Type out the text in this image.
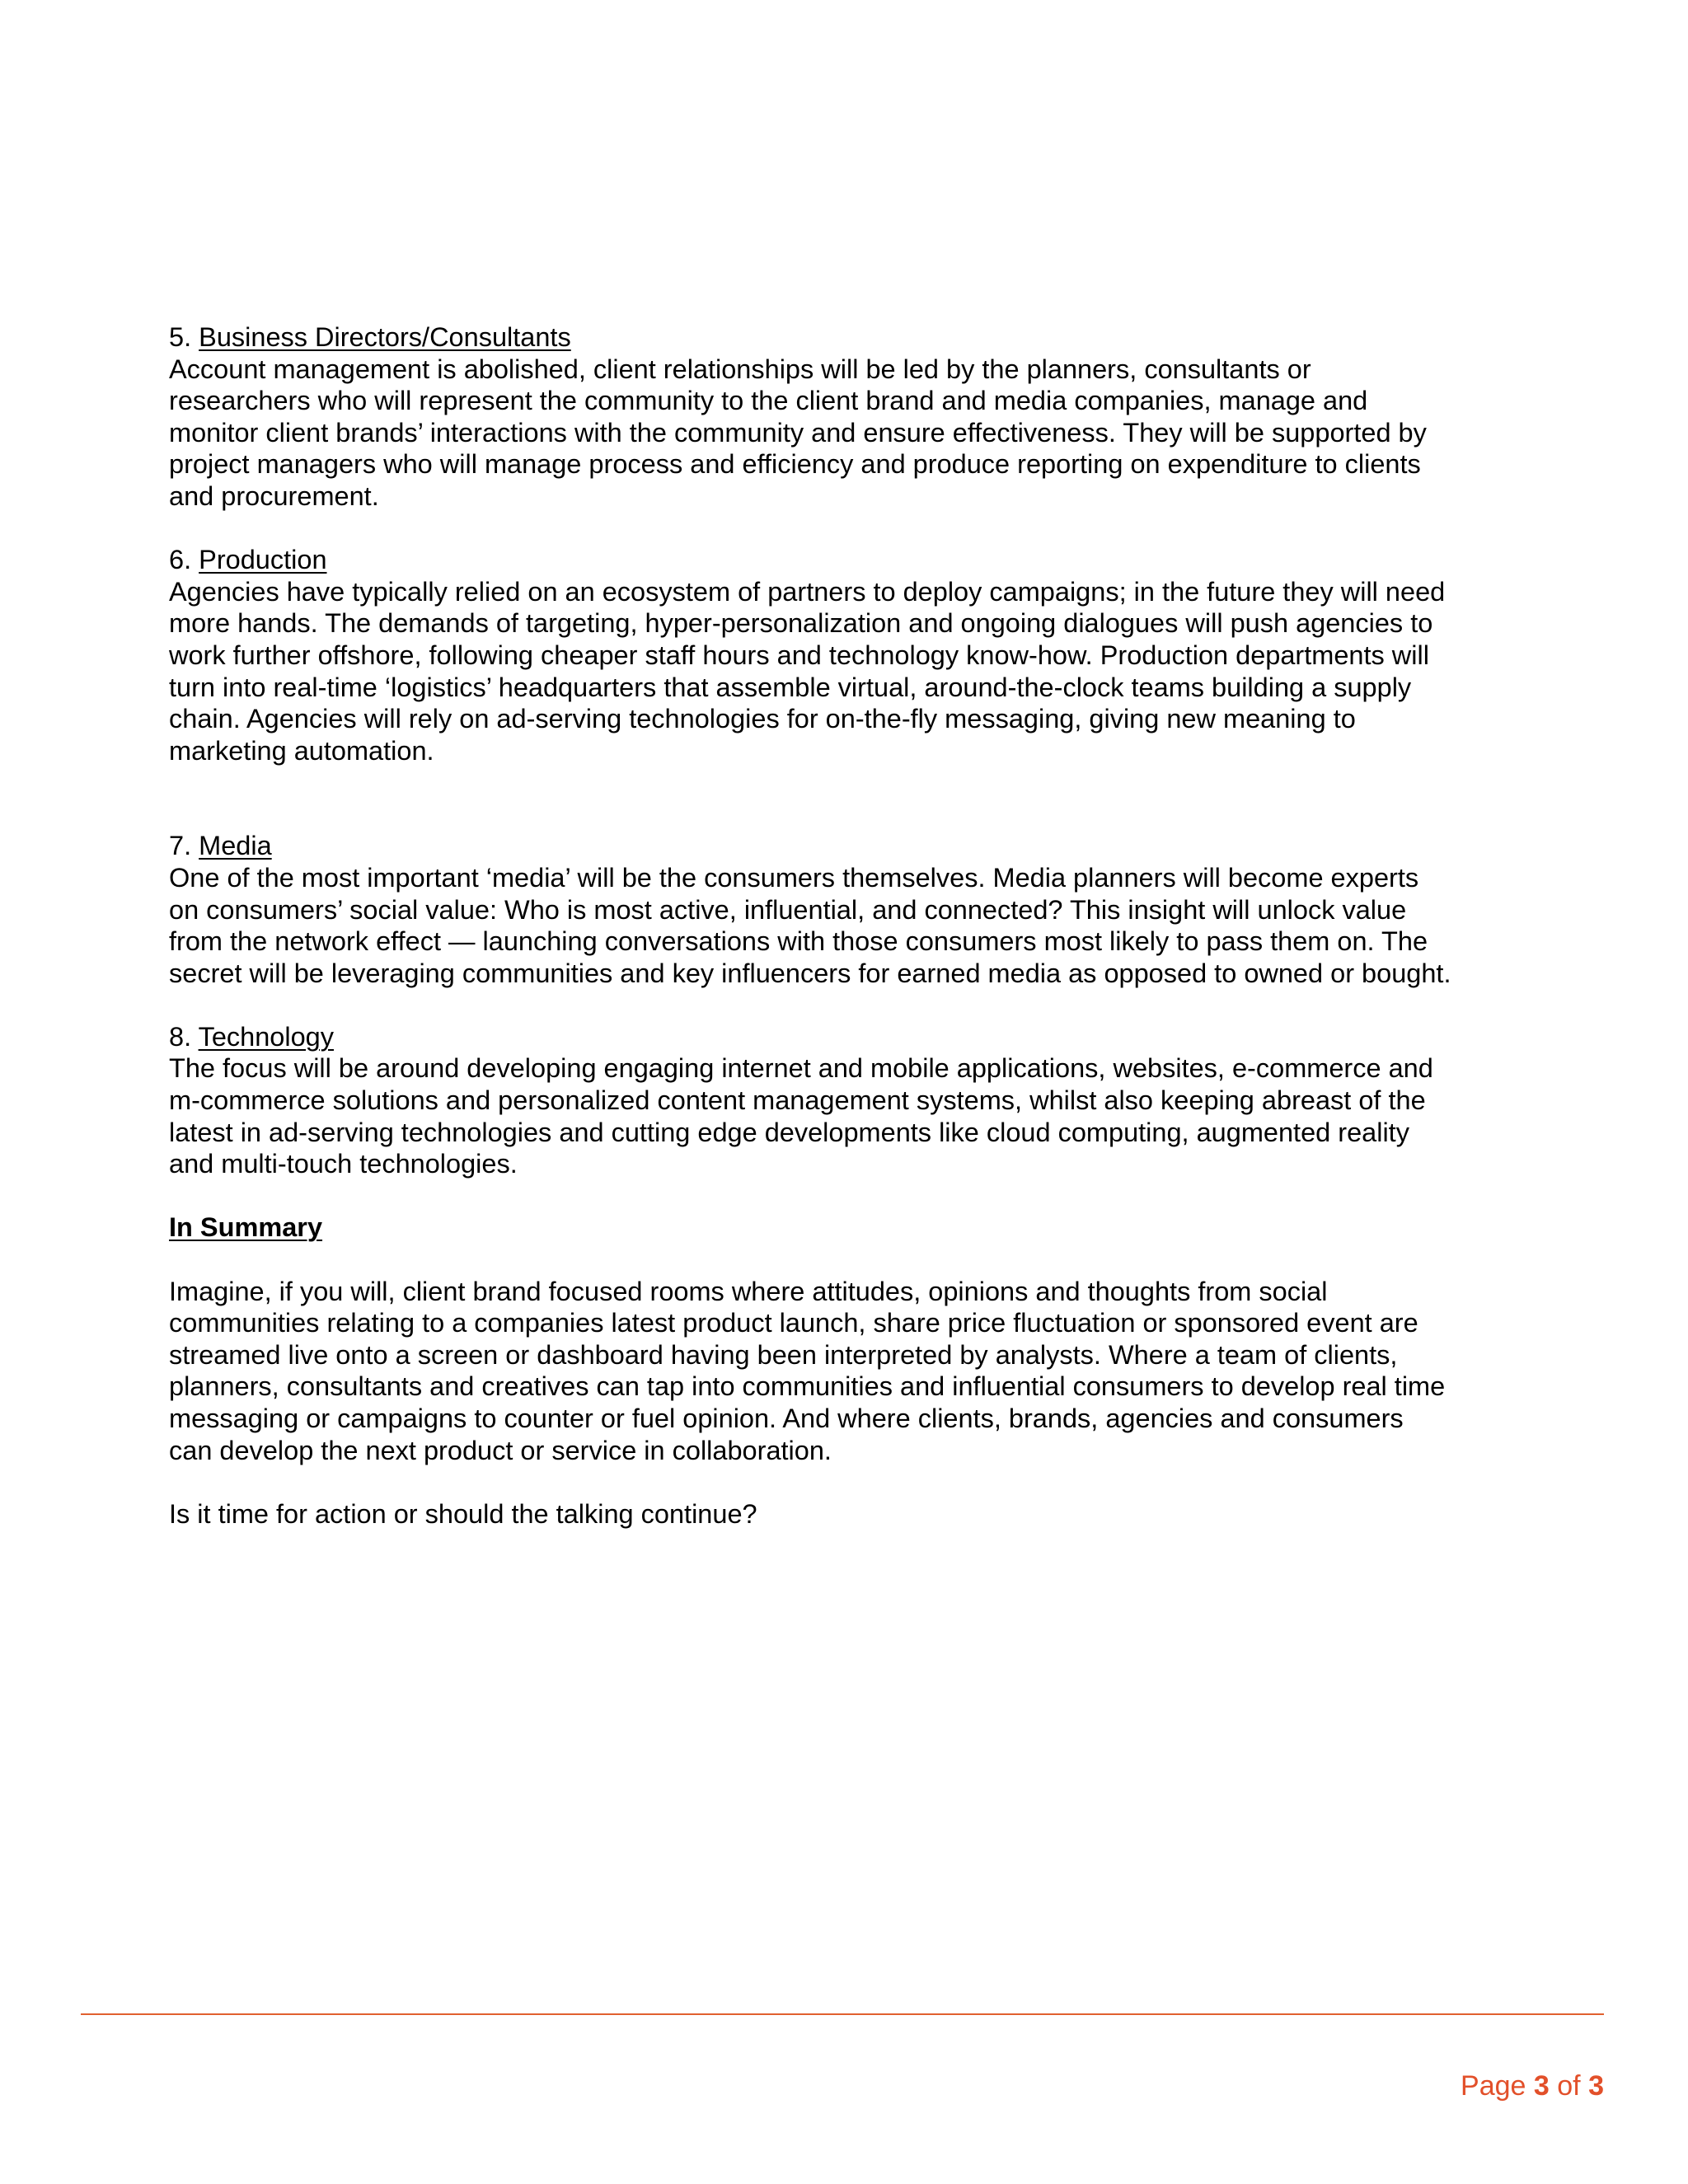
5. Business Directors/Consultants

Account management is abolished, client relationships will be led by the planners, consultants or

researchers who will represent the community to the client brand and media companies, manage and

monitor client brands’ interactions with the community and ensure effectiveness. They will be supported by

project managers who will manage process and efficiency and produce reporting on expenditure to clients

and procurement.

6. Production

Agencies have typically relied on an ecosystem of partners to deploy campaigns; in the future they will need

more hands. The demands of targeting, hyper-personalization and ongoing dialogues will push agencies to

work further offshore, following cheaper staff hours and technology know-how. Production departments will

turn into real-time ‘logistics’ headquarters that assemble virtual, around-the-clock teams building a supply

chain. Agencies will rely on ad-serving technologies for on-the-fly messaging, giving new meaning to

marketing automation.

7. Media

One of the most important ‘media’ will be the consumers themselves. Media planners will become experts

on consumers’ social value: Who is most active, influential, and connected? This insight will unlock value

from the network effect — launching conversations with those consumers most likely to pass them on. The

secret will be leveraging communities and key influencers for earned media as opposed to owned or bought.

8. Technology

The focus will be around developing engaging internet and mobile applications, websites, e-commerce and

m-commerce solutions and personalized content management systems, whilst also keeping abreast of the

latest in ad-serving technologies and cutting edge developments like cloud computing, augmented reality

and multi-touch technologies.

In Summary

Imagine, if you will, client brand focused rooms where attitudes, opinions and thoughts from social

communities relating to a companies latest product launch, share price fluctuation or sponsored event are

streamed live onto a screen or dashboard having been interpreted by analysts. Where a team of clients,

planners, consultants and creatives can tap into communities and influential consumers to develop real time

messaging or campaigns to counter or fuel opinion. And where clients, brands, agencies and consumers

can develop the next product or service in collaboration.

Is it time for action or should the talking continue?

Page 3 of 3
